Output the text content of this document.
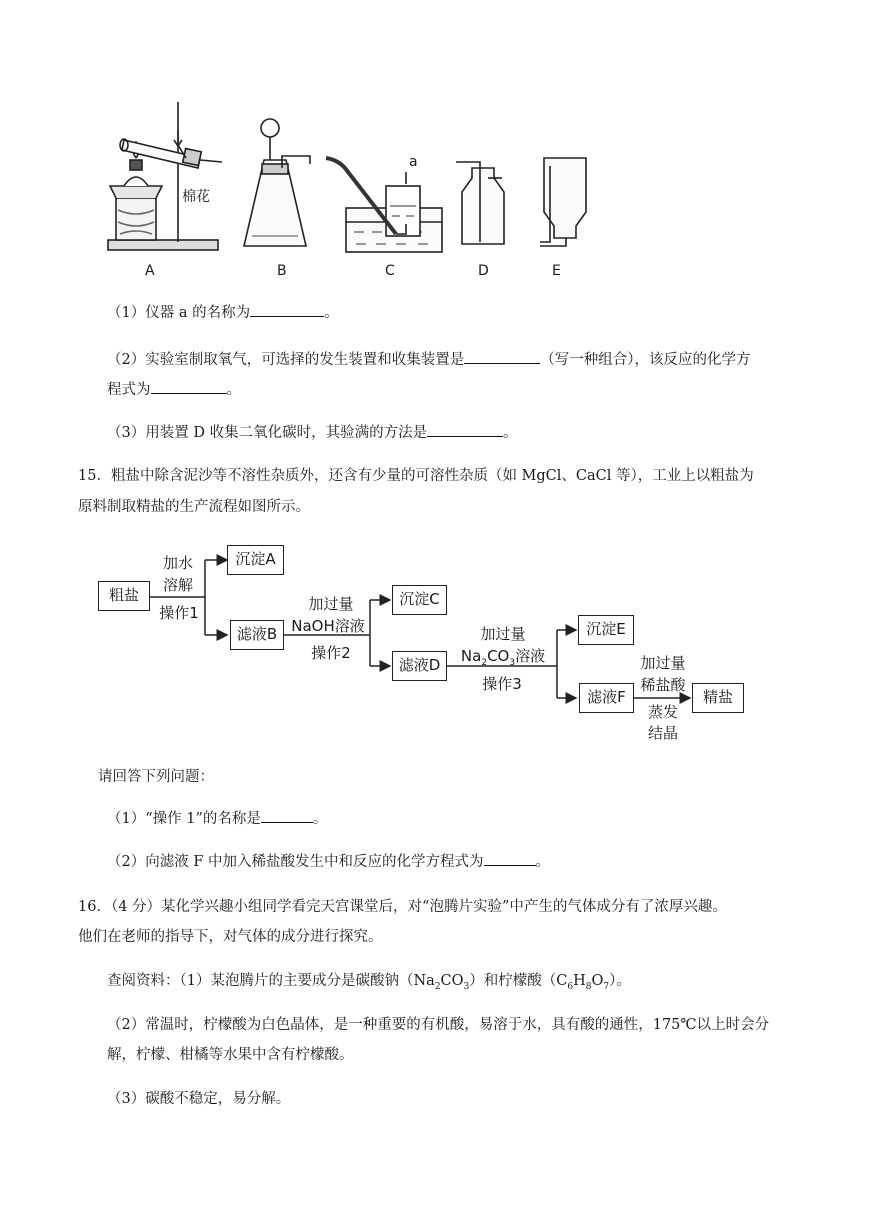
棉花
a
A	B	C	D	E
（1）仪器 a 的名称为	。
（2）实验室制取氧气，可选择的发生装置和收集装置是	（写一种组合），该反应的化学方
程式为	。
（3）用装置 D 收集二氧化碳时，其验满的方法是	。
15．粗盐中除含泥沙等不溶性杂质外，还含有少量的可溶性杂质（如 MgCl、CaCl 等），工业上以粗盐为
原料制取精盐的生产流程如图所示。
粗盐
加水
溶解
操作1
沉淀A
滤液B
加过量
NaOH溶液
操作2
沉淀C
滤液D
加过量
$Na_2CO_3$溶液
操作3
沉淀E
滤液F
加过量
稀盐酸
蒸发
结晶
精盐
请回答下列问题：
（1）“操作 1”的名称是	。
（2）向滤液 F 中加入稀盐酸发生中和反应的化学方程式为	。
16．（4 分）某化学兴趣小组同学看完天宫课堂后，对“泡腾片实验”中产生的气体成分有了浓厚兴趣。
他们在老师的指导下，对气体的成分进行探究。
查阅资料：（1）某泡腾片的主要成分是碳酸钠$(Na_2CO_3)$和柠檬酸$(C_6H_8O_7)$。
（2）常温时，柠檬酸为白色晶体，是一种重要的有机酸，易溶于水，具有酸的通性，175℃以上时会分
解，柠檬、柑橘等水果中含有柠檬酸。
（3）碳酸不稳定，易分解。
